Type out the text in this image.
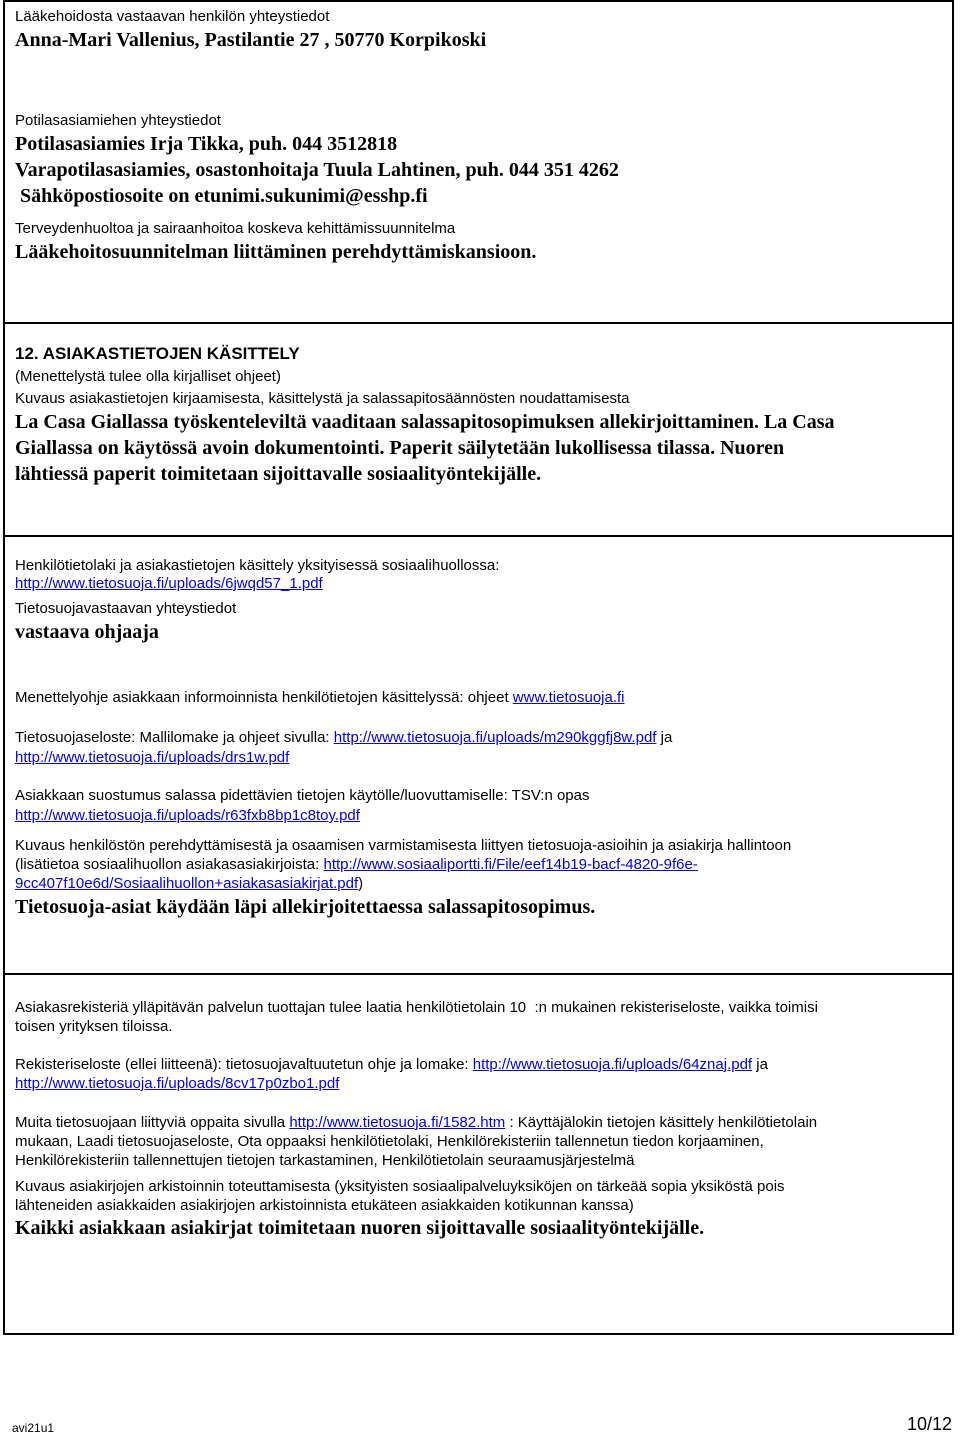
Lääkehoidosta vastaavan henkilön yhteystiedot
Anna-Mari Vallenius, Pastilantie 27 , 50770 Korpikoski
Potilasasiamiehen yhteystiedot
Potilasasiamies Irja Tikka, puh. 044 3512818
Varapotilasasiamies, osastonhoitaja Tuula Lahtinen, puh. 044 351 4262
Sähköpostiosoite on etunimi.sukunimi@esshp.fi
Terveydenhuoltoa ja sairaanhoitoa koskeva kehittämissuunnitelma
Lääkehoitosuunnitelman liittäminen perehdyttämiskansioon.
12. ASIAKASTIETOJEN KÄSITTELY
(Menettelystä tulee olla kirjalliset ohjeet)
Kuvaus asiakastietojen kirjaamisesta, käsittelystä ja salassapitosäännösten noudattamisesta
La Casa Giallassa työskenteleviltä vaaditaan salassapitosopimuksen allekirjoittaminen. La Casa
Giallassa on käytössä avoin dokumentointi. Paperit säilytetään lukollisessa tilassa. Nuoren
lähtiessä paperit toimitetaan sijoittavalle sosiaalityöntekijälle.
Henkilötietolaki ja asiakastietojen käsittely yksityisessä sosiaalihuollossa:
http://www.tietosuoja.fi/uploads/6jwqd57_1.pdf
Tietosuojavastaavan yhteystiedot
vastaava ohjaaja
Menettelyohje asiakkaan informoinnista henkilötietojen käsittelyssä: ohjeet www.tietosuoja.fi
Tietosuojaseloste: Mallilomake ja ohjeet sivulla: http://www.tietosuoja.fi/uploads/m290kggfj8w.pdf ja
http://www.tietosuoja.fi/uploads/drs1w.pdf
Asiakkaan suostumus salassa pidettävien tietojen käytölle/luovuttamiselle: TSV:n opas
http://www.tietosuoja.fi/uploads/r63fxb8bp1c8toy.pdf
Kuvaus henkilöstön perehdyttämisestä ja osaamisen varmistamisesta liittyen tietosuoja-asioihin ja asiakirja hallintoon
(lisätietoa sosiaalihuollon asiakasasiakirjoista: http://www.sosiaaliportti.fi/File/eef14b19-bacf-4820-9f6e-
9cc407f10e6d/Sosiaalihuollon+asiakasasiakirjat.pdf)
Tietosuoja-asiat käydään läpi allekirjoitettaessa salassapitosopimus.
Asiakasrekisteriä ylläpitävän palvelun tuottajan tulee laatia henkilötietolain 10  :n mukainen rekisteriseloste, vaikka toimisi
toisen yrityksen tiloissa.
Rekisteriseloste (ellei liitteenä): tietosuojavaltuutetun ohje ja lomake: http://www.tietosuoja.fi/uploads/64znaj.pdf ja
http://www.tietosuoja.fi/uploads/8cv17p0zbo1.pdf
Muita tietosuojaan liittyviä oppaita sivulla http://www.tietosuoja.fi/1582.htm : Käyttäjälokin tietojen käsittely henkilötietolain
mukaan, Laadi tietosuojaseloste, Ota oppaaksi henkilötietolaki, Henkilörekisteriin tallennetun tiedon korjaaminen,
Henkilörekisteriin tallennettujen tietojen tarkastaminen, Henkilötietolain seuraamusjärjestelmä
Kuvaus asiakirjojen arkistoinnin toteuttamisesta (yksityisten sosiaalipalveluyksiköjen on tärkeää sopia yksiköstä pois
lähteneiden asiakkaiden asiakirjojen arkistoinnista etukäteen asiakkaiden kotikunnan kanssa)
Kaikki asiakkaan asiakirjat toimitetaan nuoren sijoittavalle sosiaalityöntekijälle.
avi21u1	10/12
